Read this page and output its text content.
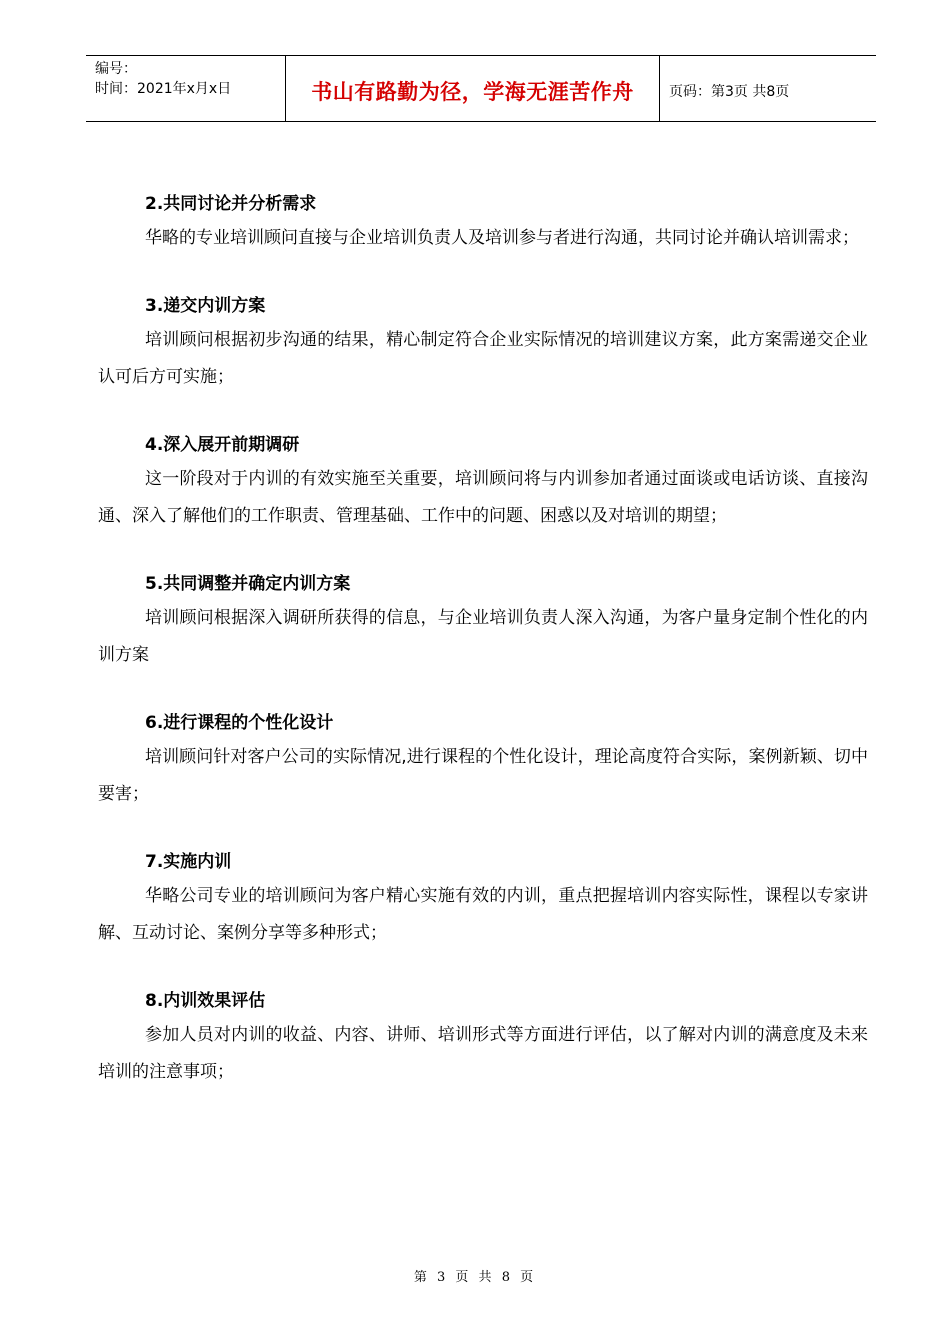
编号：
时间：2021年x月x日	书山有路勤为径，学海无涯苦作舟	页码：第3页 共8页
2.共同讨论并分析需求

华略的专业培训顾问直接与企业培训负责人及培训参与者进行沟通，共同讨论并确认培训需求；

3.递交内训方案

培训顾问根据初步沟通的结果，精心制定符合企业实际情况的培训建议方案，此方案需递交企业认可后方可实施；

4.深入展开前期调研

这一阶段对于内训的有效实施至关重要，培训顾问将与内训参加者通过面谈或电话访谈、直接沟通、深入了解他们的工作职责、管理基础、工作中的问题、困惑以及对培训的期望；

5.共同调整并确定内训方案

培训顾问根据深入调研所获得的信息，与企业培训负责人深入沟通，为客户量身定制个性化的内训方案

6.进行课程的个性化设计

培训顾问针对客户公司的实际情况,进行课程的个性化设计，理论高度符合实际，案例新颖、切中要害；

7.实施内训

华略公司专业的培训顾问为客户精心实施有效的内训，重点把握培训内容实际性，课程以专家讲解、互动讨论、案例分享等多种形式；

8.内训效果评估

参加人员对内训的收益、内容、讲师、培训形式等方面进行评估，以了解对内训的满意度及未来培训的注意事项；

第 3 页 共 8 页
